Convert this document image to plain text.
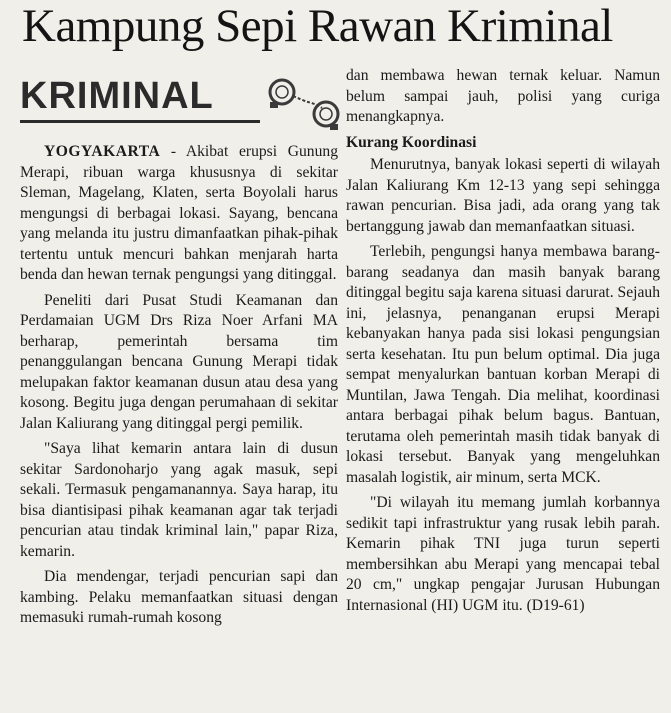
Kampung Sepi Rawan Kriminal
KRIMINAL

YOGYAKARTA - Akibat erupsi Gunung Merapi, ribuan warga khususnya di sekitar Sleman, Magelang, Klaten, serta Boyolali harus mengungsi di berbagai lokasi. Sayang, bencana yang melanda itu justru dimanfaatkan pihak-pihak tertentu untuk mencuri bahkan menjarah harta benda dan hewan ternak pengungsi yang ditinggal.

Peneliti dari Pusat Studi Keamanan dan Perdamaian UGM Drs Riza Noer Arfani MA berharap, pemerintah bersama tim penanggulangan bencana Gunung Merapi tidak melupakan faktor keamanan dusun atau desa yang kosong. Begitu juga dengan perumahaan di sekitar Jalan Kaliurang yang ditinggal pergi pemilik.

"Saya lihat kemarin antara lain di dusun sekitar Sardonoharjo yang agak masuk, sepi sekali. Termasuk pengamanannya. Saya harap, itu bisa diantisipasi pihak keamanan agar tak terjadi pencurian atau tindak kriminal lain," papar Riza, kemarin.

Dia mendengar, terjadi pencurian sapi dan kambing. Pelaku memanfaatkan situasi dengan memasuki rumah-rumah kosong

dan membawa hewan ternak keluar. Namun belum sampai jauh, polisi yang curiga menangkapnya.

Kurang Koordinasi

Menurutnya, banyak lokasi seperti di wilayah Jalan Kaliurang Km 12-13 yang sepi sehingga rawan pencurian. Bisa jadi, ada orang yang tak bertanggung jawab dan memanfaatkan situasi.

Terlebih, pengungsi hanya membawa barang-barang seadanya dan masih banyak barang ditinggal begitu saja karena situasi darurat. Sejauh ini, jelasnya, penanganan erupsi Merapi kebanyakan hanya pada sisi lokasi pengungsian serta kesehatan. Itu pun belum optimal. Dia juga sempat menyalurkan bantuan korban Merapi di Muntilan, Jawa Tengah. Dia melihat, koordinasi antara berbagai pihak belum bagus. Bantuan, terutama oleh pemerintah masih tidak banyak di lokasi tersebut. Banyak yang mengeluhkan masalah logistik, air minum, serta MCK.

"Di wilayah itu memang jumlah korbannya sedikit tapi infrastruktur yang rusak lebih parah. Kemarin pihak TNI juga turun seperti membersihkan abu Merapi yang mencapai tebal 20 cm," ungkap pengajar Jurusan Hubungan Internasional (HI) UGM itu. (D19-61)
